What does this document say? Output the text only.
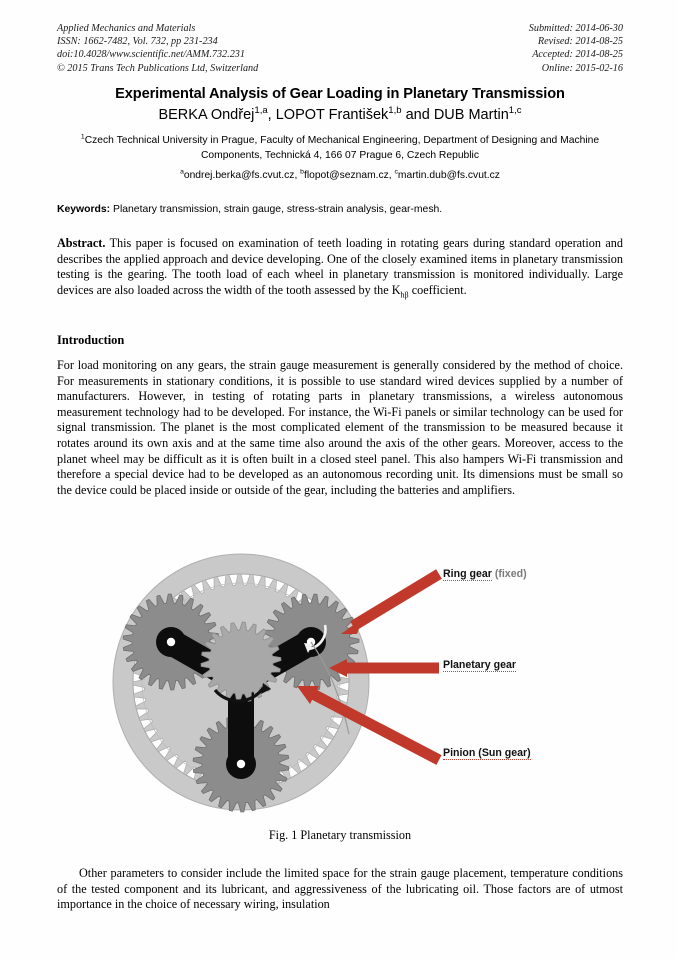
Applied Mechanics and Materials
ISSN: 1662-7482, Vol. 732, pp 231-234
doi:10.4028/www.scientific.net/AMM.732.231
© 2015 Trans Tech Publications Ltd, Switzerland
Submitted: 2014-06-30
Revised: 2014-08-25
Accepted: 2014-08-25
Online: 2015-02-16
Experimental Analysis of Gear Loading in Planetary Transmission
BERKA Ondřej$^{1,a}$, LOPOT František$^{1,b}$ and DUB Martin$^{1,c}$
$^1$Czech Technical University in Prague, Faculty of Mechanical Engineering, Department of Designing and Machine Components, Technická 4, 166 07 Prague 6, Czech Republic
$^a$ondrej.berka@fs.cvut.cz, $^b$flopot@seznam.cz, $^c$martin.dub@fs.cvut.cz
Keywords: Planetary transmission, strain gauge, stress-strain analysis, gear-mesh.
Abstract. This paper is focused on examination of teeth loading in rotating gears during standard operation and describes the applied approach and device developing. One of the closely examined items in planetary transmission testing is the gearing. The tooth load of each wheel in planetary transmission is monitored individually. Large devices are also loaded across the width of the tooth assessed by the $K_{h\beta}$ coefficient.
Introduction
For load monitoring on any gears, the strain gauge measurement is generally considered by the method of choice. For measurements in stationary conditions, it is possible to use standard wired devices supplied by a number of manufacturers. However, in testing of rotating parts in planetary transmissions, a wireless autonomous measurement technology had to be developed. For instance, the Wi-Fi panels or similar technology can be used for signal transmission. The planet is the most complicated element of the transmission to be measured because it rotates around its own axis and at the same time also around the axis of the other gears. Moreover, access to the planet wheel may be difficult as it is often built in a closed steel panel. This also hampers Wi-Fi transmission and therefore a special device had to be developed as an autonomous recording unit. Its dimensions must be small so the device could be placed inside or outside of the gear, including the batteries and amplifiers.
Ring gear (fixed)
Planetary gear
Pinion (Sun gear)
Fig. 1 Planetary transmission
Other parameters to consider include the limited space for the strain gauge placement, temperature conditions of the tested component and its lubricant, and aggressiveness of the lubricating oil. Those factors are of utmost importance in the choice of necessary wiring, insulation
